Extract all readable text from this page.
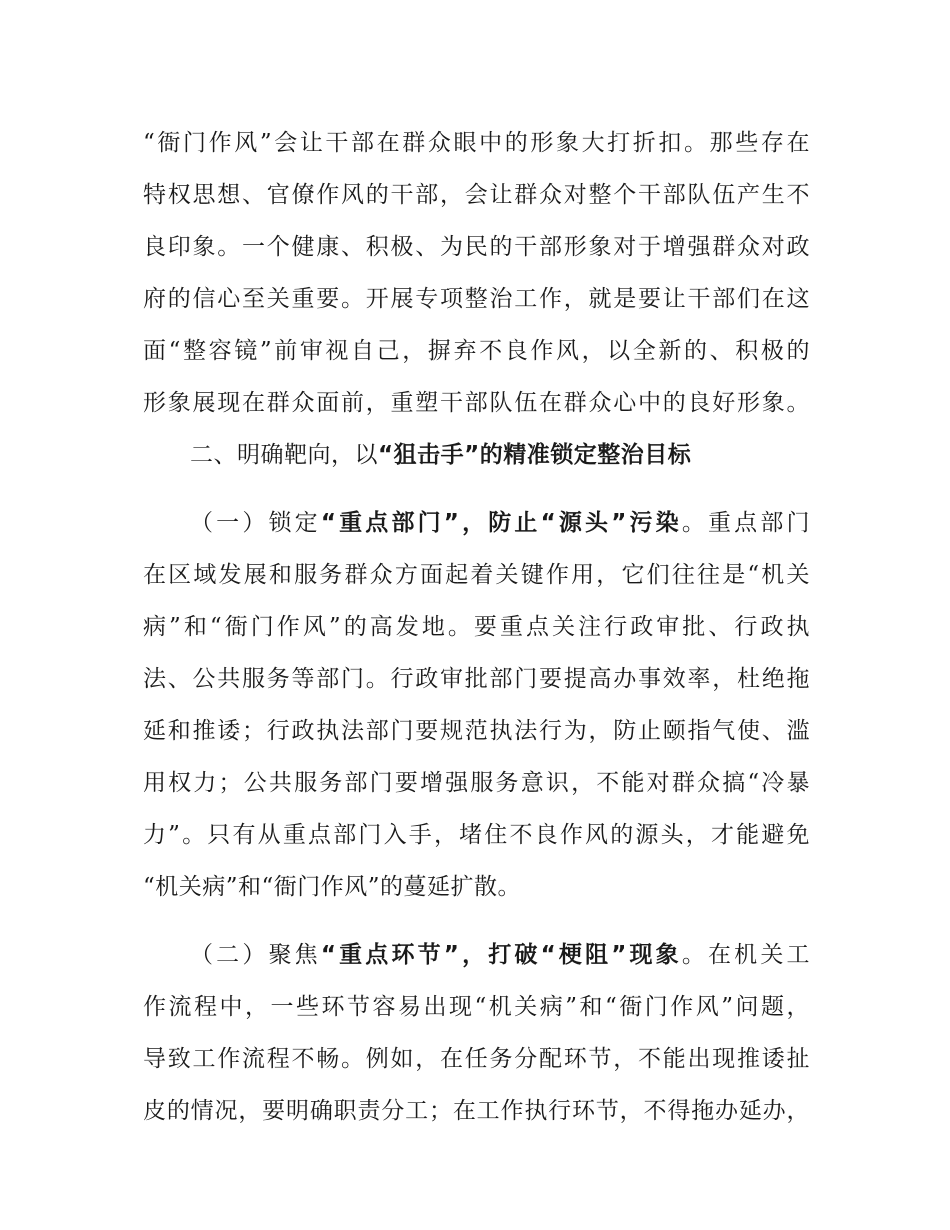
“衙门作风”会让干部在群众眼中的形象大打折扣。那些存在
特权思想、官僚作风的干部，会让群众对整个干部队伍产生不
良印象。一个健康、积极、为民的干部形象对于增强群众对政
府的信心至关重要。开展专项整治工作，就是要让干部们在这
面“整容镜”前审视自己，摒弃不良作风，以全新的、积极的
形象展现在群众面前，重塑干部队伍在群众心中的良好形象。
二、明确靶向，以“狙击手”的精准锁定整治目标
（一）锁定“重点部门”，防止“源头”污染。重点部门
在区域发展和服务群众方面起着关键作用，它们往往是“机关
病”和“衙门作风”的高发地。要重点关注行政审批、行政执
法、公共服务等部门。行政审批部门要提高办事效率，杜绝拖
延和推诿；行政执法部门要规范执法行为，防止颐指气使、滥
用权力；公共服务部门要增强服务意识，不能对群众搞“冷暴
力”。只有从重点部门入手，堵住不良作风的源头，才能避免
“机关病”和“衙门作风”的蔓延扩散。
（二）聚焦“重点环节”，打破“梗阻”现象。在机关工
作流程中，一些环节容易出现“机关病”和“衙门作风”问题，
导致工作流程不畅。例如，在任务分配环节，不能出现推诿扯
皮的情况，要明确职责分工；在工作执行环节，不得拖办延办，
